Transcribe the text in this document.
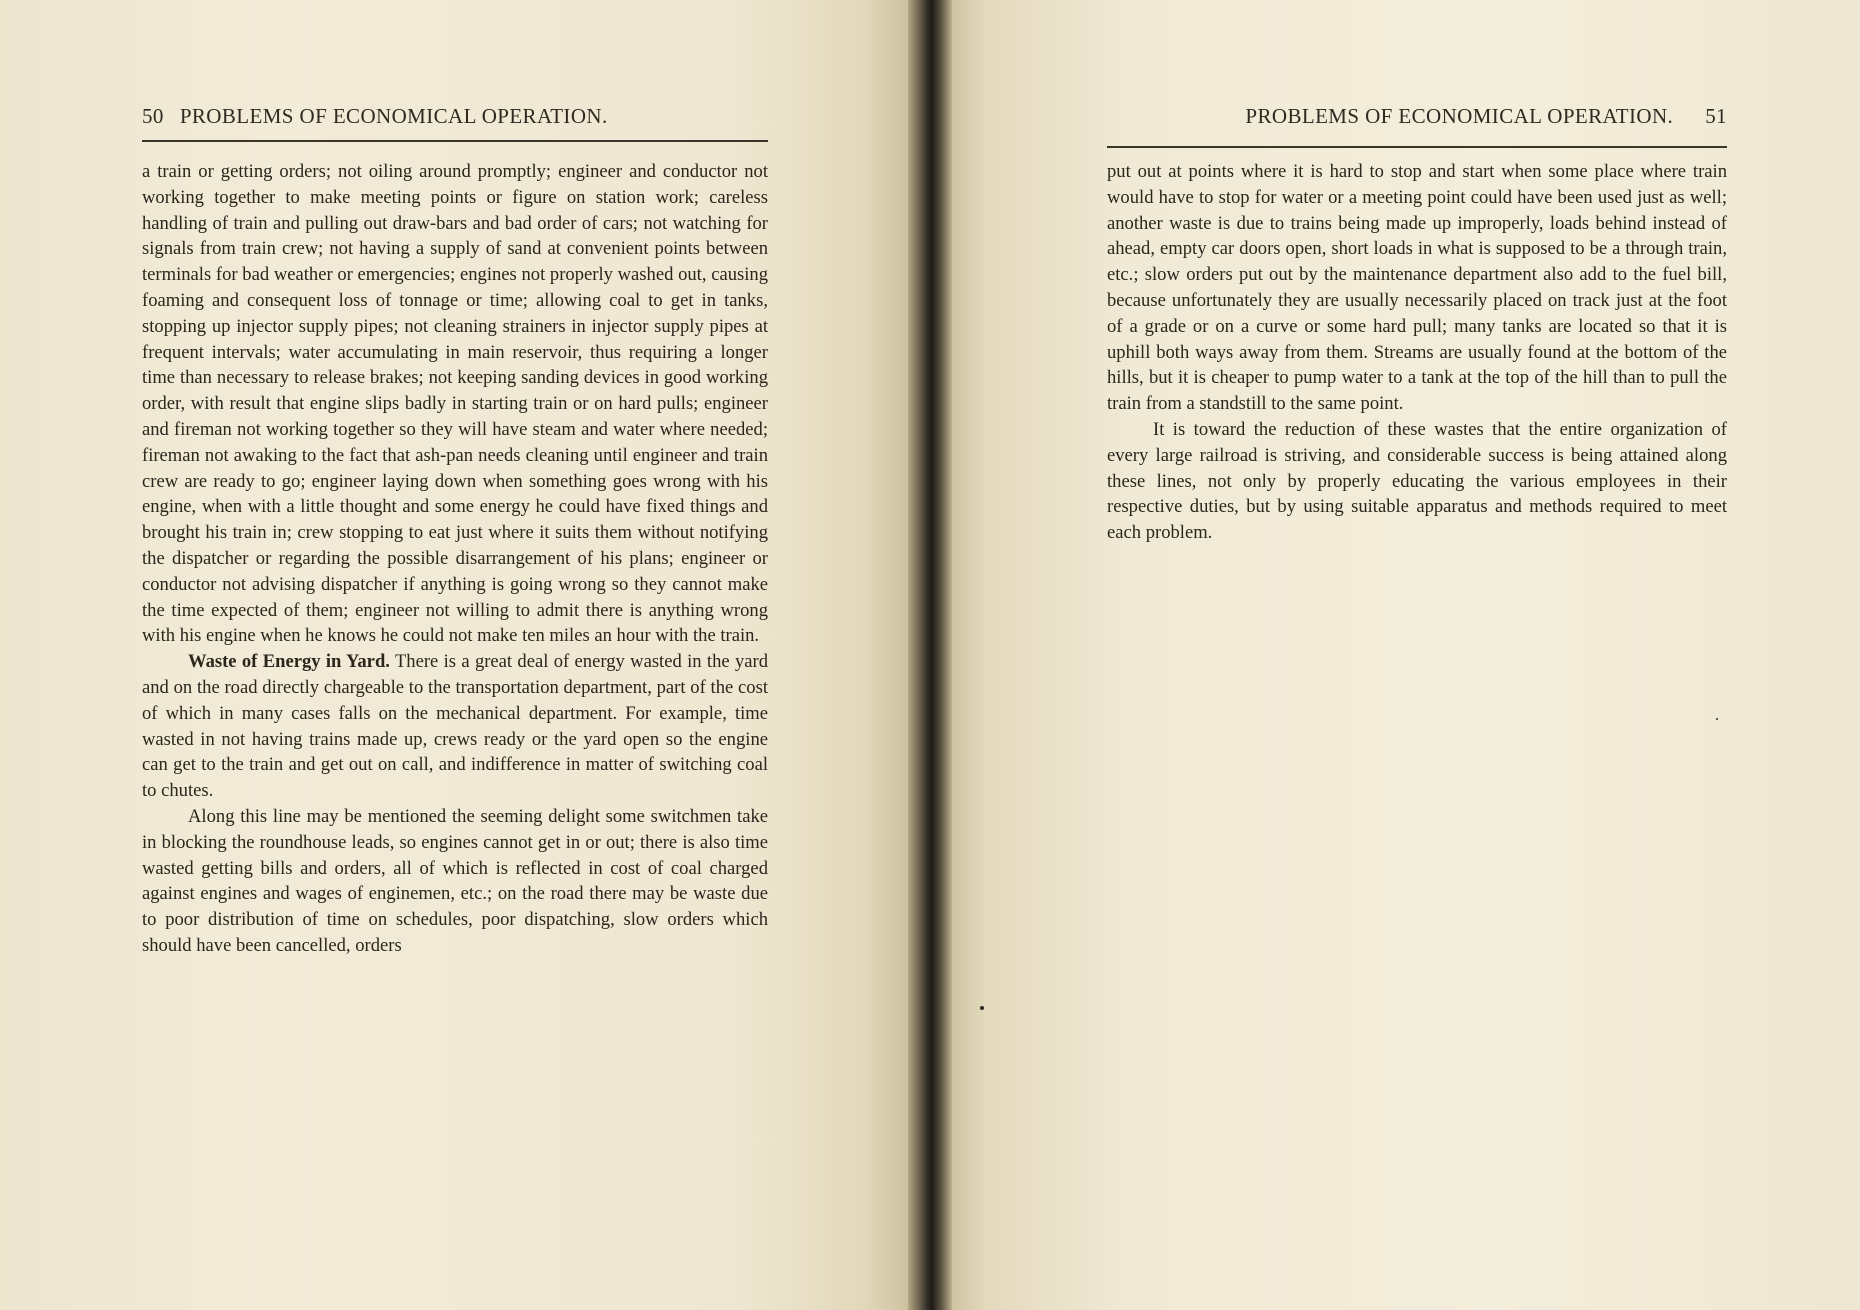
50 PROBLEMS OF ECONOMICAL OPERATION.

a train or getting orders; not oiling around promptly; engineer and conductor not working together to make meeting points or figure on station work; careless handling of train and pulling out draw-bars and bad order of cars; not watching for signals from train crew; not having a supply of sand at convenient points between terminals for bad weather or emergencies; engines not properly washed out, causing foaming and consequent loss of tonnage or time; allowing coal to get in tanks, stopping up injector supply pipes; not cleaning strainers in injector supply pipes at frequent intervals; water accumulating in main reservoir, thus requiring a longer time than necessary to release brakes; not keeping sanding devices in good working order, with result that engine slips badly in starting train or on hard pulls; engineer and fireman not working together so they will have steam and water where needed; fireman not awaking to the fact that ash-pan needs cleaning until engineer and train crew are ready to go; engineer laying down when something goes wrong with his engine, when with a little thought and some energy he could have fixed things and brought his train in; crew stopping to eat just where it suits them without notifying the dispatcher or regarding the possible disarrangement of his plans; engineer or conductor not advising dispatcher if anything is going wrong so they cannot make the time expected of them; engineer not willing to admit there is anything wrong with his engine when he knows he could not make ten miles an hour with the train.

Waste of Energy in Yard. There is a great deal of energy wasted in the yard and on the road directly chargeable to the transportation department, part of the cost of which in many cases falls on the mechanical department. For example, time wasted in not having trains made up, crews ready or the yard open so the engine can get to the train and get out on call, and indifference in matter of switching coal to chutes.

Along this line may be mentioned the seeming delight some switchmen take in blocking the roundhouse leads, so engines cannot get in or out; there is also time wasted getting bills and orders, all of which is reflected in cost of coal charged against engines and wages of enginemen, etc.; on the road there may be waste due to poor distribution of time on schedules, poor dispatching, slow orders which should have been cancelled, orders

PROBLEMS OF ECONOMICAL OPERATION. 51

put out at points where it is hard to stop and start when some place where train would have to stop for water or a meeting point could have been used just as well; another waste is due to trains being made up improperly, loads behind instead of ahead, empty car doors open, short loads in what is supposed to be a through train, etc.; slow orders put out by the maintenance department also add to the fuel bill, because unfortunately they are usually necessarily placed on track just at the foot of a grade or on a curve or some hard pull; many tanks are located so that it is uphill both ways away from them. Streams are usually found at the bottom of the hills, but it is cheaper to pump water to a tank at the top of the hill than to pull the train from a standstill to the same point.

It is toward the reduction of these wastes that the entire organization of every large railroad is striving, and considerable success is being attained along these lines, not only by properly educating the various employees in their respective duties, but by using suitable apparatus and methods required to meet each problem.
